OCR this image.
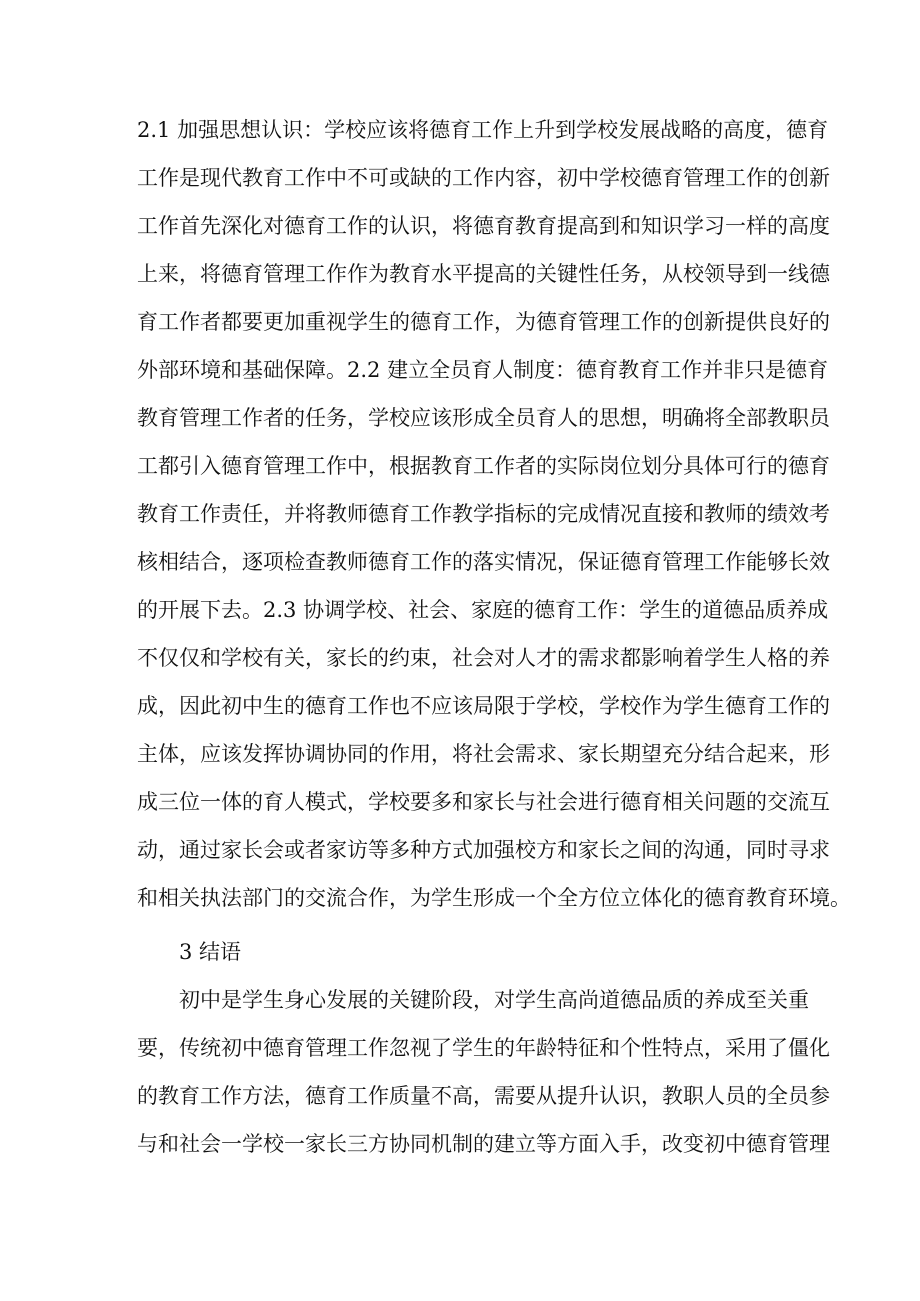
2.1 加强思想认识：学校应该将德育工作上升到学校发展战略的高度，德育
工作是现代教育工作中不可或缺的工作内容，初中学校德育管理工作的创新
工作首先深化对德育工作的认识，将德育教育提高到和知识学习一样的高度
上来，将德育管理工作作为教育水平提高的关键性任务，从校领导到一线德
育工作者都要更加重视学生的德育工作，为德育管理工作的创新提供良好的
外部环境和基础保障。2.2 建立全员育人制度：德育教育工作并非只是德育
教育管理工作者的任务，学校应该形成全员育人的思想，明确将全部教职员
工都引入德育管理工作中，根据教育工作者的实际岗位划分具体可行的德育
教育工作责任，并将教师德育工作教学指标的完成情况直接和教师的绩效考
核相结合，逐项检查教师德育工作的落实情况，保证德育管理工作能够长效
的开展下去。2.3 协调学校、社会、家庭的德育工作：学生的道德品质养成
不仅仅和学校有关，家长的约束，社会对人才的需求都影响着学生人格的养
成，因此初中生的德育工作也不应该局限于学校，学校作为学生德育工作的
主体，应该发挥协调协同的作用，将社会需求、家长期望充分结合起来，形
成三位一体的育人模式，学校要多和家长与社会进行德育相关问题的交流互
动，通过家长会或者家访等多种方式加强校方和家长之间的沟通，同时寻求
和相关执法部门的交流合作，为学生形成一个全方位立体化的德育教育环境。
3 结语
初中是学生身心发展的关键阶段，对学生高尚道德品质的养成至关重
要，传统初中德育管理工作忽视了学生的年龄特征和个性特点，采用了僵化
的教育工作方法，德育工作质量不高，需要从提升认识，教职人员的全员参
与和社会一学校一家长三方协同机制的建立等方面入手，改变初中德育管理
